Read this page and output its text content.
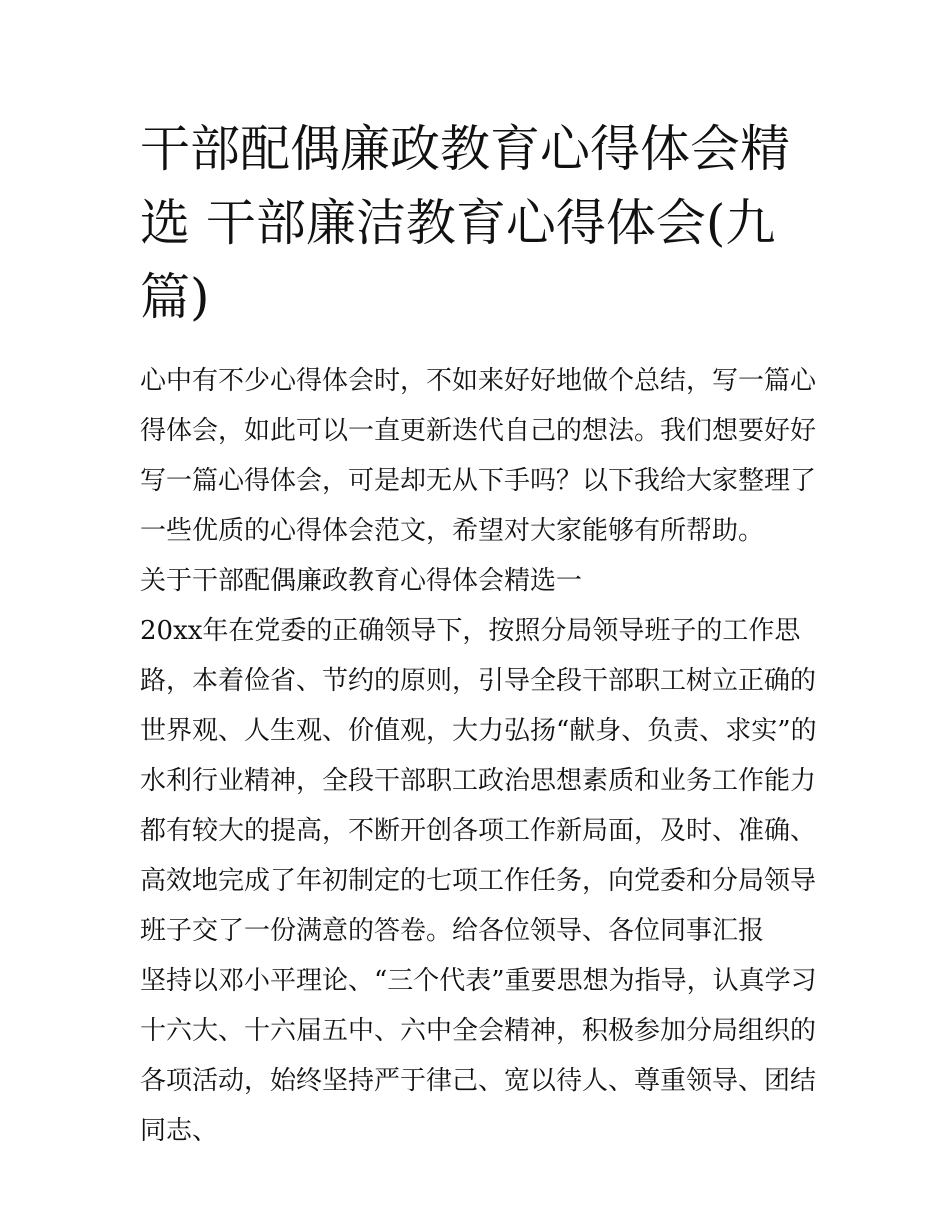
干部配偶廉政教育心得体会精选 干部廉洁教育心得体会(九篇)

心中有不少心得体会时，不如来好好地做个总结，写一篇心得体会，如此可以一直更新迭代自己的想法。我们想要好好写一篇心得体会，可是却无从下手吗？以下我给大家整理了一些优质的心得体会范文，希望对大家能够有所帮助。

关于干部配偶廉政教育心得体会精选一

20xx年在党委的正确领导下，按照分局领导班子的工作思

路，本着俭省、节约的原则，引导全段干部职工树立正确的世界观、人生观、价值观，大力弘扬“献身、负责、求实”的水利行业精神，全段干部职工政治思想素质和业务工作能力都有较大的提高，不断开创各项工作新局面，及时、准确、高效地完成了年初制定的七项工作任务，向党委和分局领导班子交了一份满意的答卷。给各位领导、各位同事汇报

坚持以邓小平理论、“三个代表”重要思想为指导，认真学习十六大、十六届五中、六中全会精神，积极参加分局组织的各项活动，始终坚持严于律己、宽以待人、尊重领导、团结同志、
